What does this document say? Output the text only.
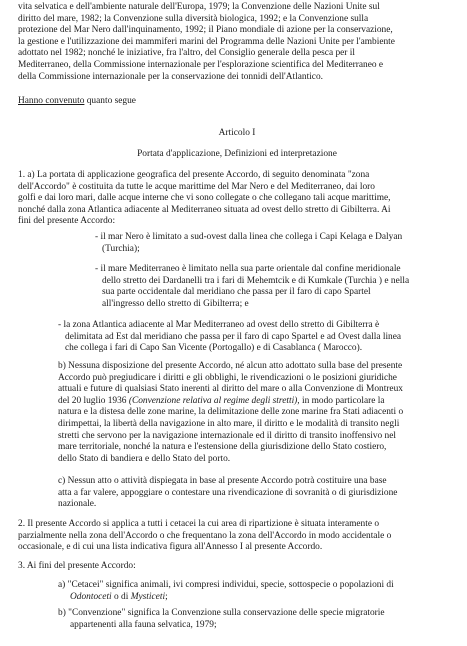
vita selvatica e dell'ambiente naturale dell'Europa, 1979; la Convenzione delle Nazioni Unite sul
diritto del mare, 1982; la Convenzione sulla diversità biologica, 1992; e la Convenzione sulla
protezione del Mar Nero dall'inquinamento, 1992; il Piano mondiale di azione per la conservazione,
la gestione e l'utilizzazione dei mammiferi marini del Programma delle Nazioni Unite per l'ambiente
adottato nel 1982; nonché le iniziative, fra l'altro, del Consiglio generale della pesca per il
Mediterraneo, della Commissione internazionale per l'esplorazione scientifica del Mediterraneo e
della Commissione internazionale per la conservazione dei tonnidi dell'Atlantico.
Hanno convenuto quanto segue
Articolo I
Portata d'applicazione, Definizioni ed interpretazione
1. a) La portata di applicazione geografica del presente Accordo, di seguito denominata "zona
dell'Accordo" è costituita da tutte le acque marittime del Mar Nero e del Mediterraneo, dai loro
golfi e dai loro mari, dalle acque interne che vi sono collegate o che collegano tali acque marittime,
nonché dalla zona Atlantica adiacente al Mediterraneo situata ad ovest dello stretto di Gibilterra. Ai
fini del presente Accordo:
- il mar Nero è limitato a sud-ovest dalla linea che collega i Capi Kelaga e Dalyan
(Turchia);
- il mare Mediterraneo è limitato nella sua parte orientale dal confine meridionale
dello stretto dei Dardanelli tra i fari di Mehemtcik e di Kumkale (Turchia ) e nella
sua parte occidentale dal meridiano che passa per il faro di capo Spartel
all'ingresso dello stretto di Gibilterra; e
- la zona Atlantica adiacente al Mar Mediterraneo ad ovest dello stretto di Gibilterra è
delimitata ad Est dal meridiano che passa per il faro di capo Spartel e ad Ovest dalla linea
che collega i fari di Capo San Vicente (Portogallo) e di Casablanca ( Marocco).
b) Nessuna disposizione del presente Accordo, né alcun atto adottato sulla base del presente
Accordo può pregiudicare i diritti e gli obblighi, le rivendicazioni o le posizioni giuridiche
attuali e future di qualsiasi Stato inerenti al diritto del mare o alla Convenzione di Montreux
del 20 luglio 1936 (Convenzione relativa al regime degli stretti), in modo particolare la
natura e la distesa delle zone marine, la delimitazione delle zone marine fra Stati adiacenti o
dirimpettai, la libertà della navigazione in alto mare, il diritto e le modalità di transito negli
stretti che servono per la navigazione internazionale ed il diritto di transito inoffensivo nel
mare territoriale, nonché la natura e l'estensione della giurisdizione dello Stato costiero,
dello Stato di bandiera e dello Stato del porto.
c) Nessun atto o attività dispiegata in base al presente Accordo potrà costituire una base
atta a far valere, appoggiare o contestare una rivendicazione di sovranità o di giurisdizione
nazionale.
2. Il presente Accordo si applica a tutti i cetacei la cui area di ripartizione è situata interamente o
parzialmente nella zona dell'Accordo o che frequentano la zona dell'Accordo in modo accidentale o
occasionale, e di cui una lista indicativa figura all'Annesso I al presente Accordo.
3. Ai fini del presente Accordo:
a) "Cetacei" significa animali, ivi compresi individui, specie, sottospecie o popolazioni di
Odontoceti o di Mysticeti;
b) "Convenzione" significa la Convenzione sulla conservazione delle specie migratorie
appartenenti alla fauna selvatica, 1979;
